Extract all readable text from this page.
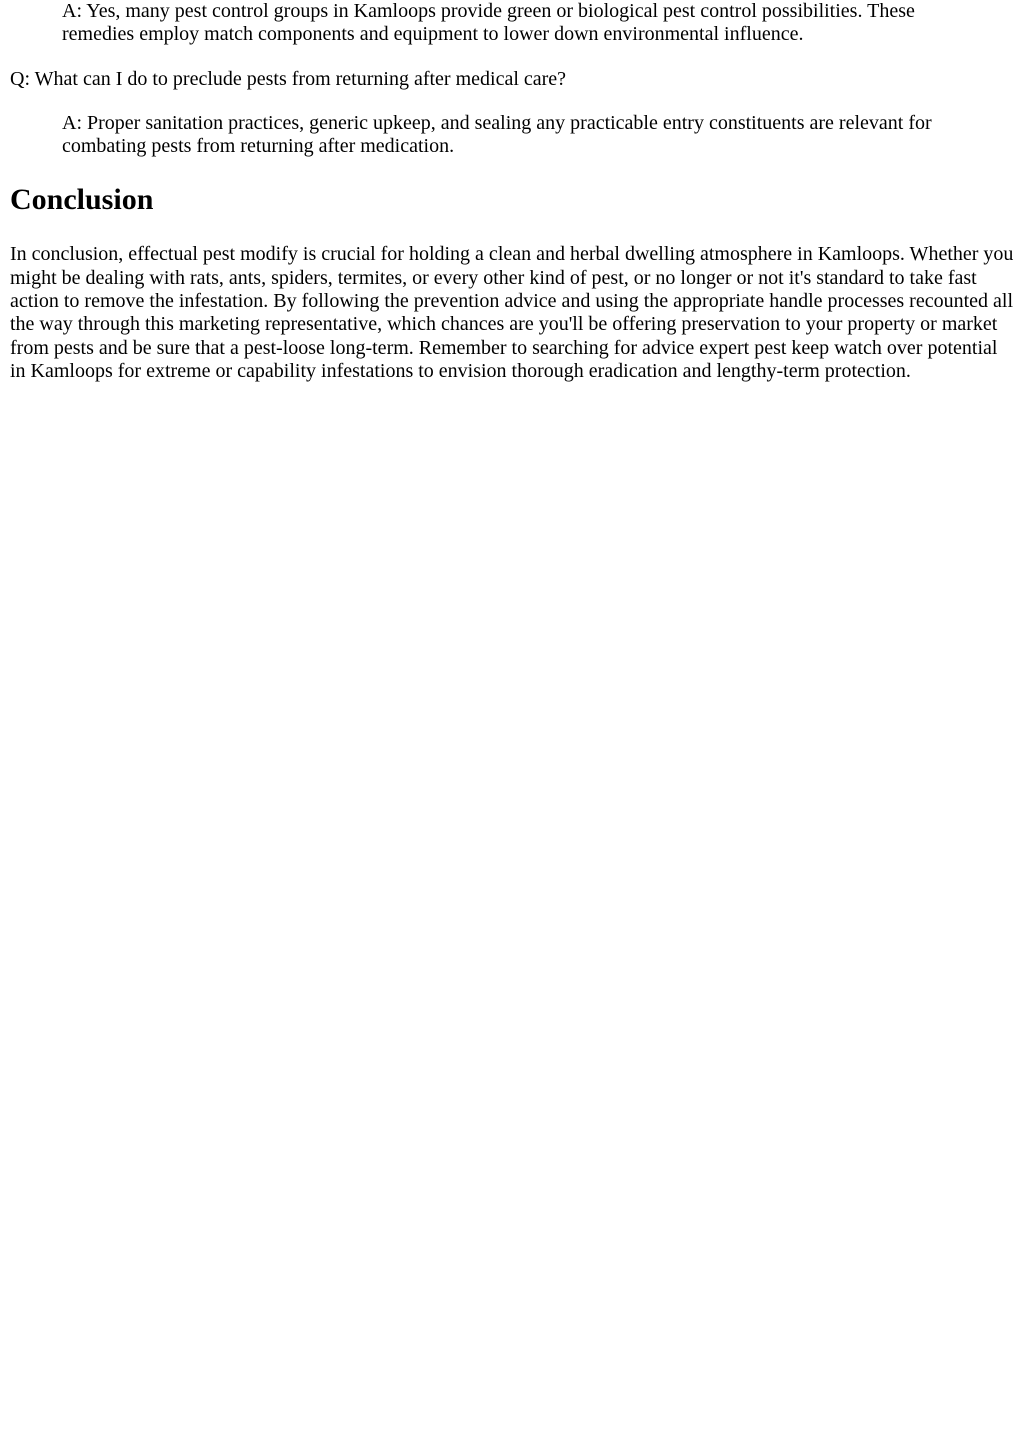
A: Yes, many pest control groups in Kamloops provide green or biological pest control possibilities. These remedies employ match components and equipment to lower down environmental influence.

Q: What can I do to preclude pests from returning after medical care?

A: Proper sanitation practices, generic upkeep, and sealing any practicable entry constituents are relevant for combating pests from returning after medication.

Conclusion

In conclusion, effectual pest modify is crucial for holding a clean and herbal dwelling atmosphere in Kamloops. Whether you might be dealing with rats, ants, spiders, termites, or every other kind of pest, or no longer or not it's standard to take fast action to remove the infestation. By following the prevention advice and using the appropriate handle processes recounted all the way through this marketing representative, which chances are you'll be offering preservation to your property or market from pests and be sure that a pest-loose long-term. Remember to searching for advice expert pest keep watch over potential in Kamloops for extreme or capability infestations to envision thorough eradication and lengthy-term protection.
